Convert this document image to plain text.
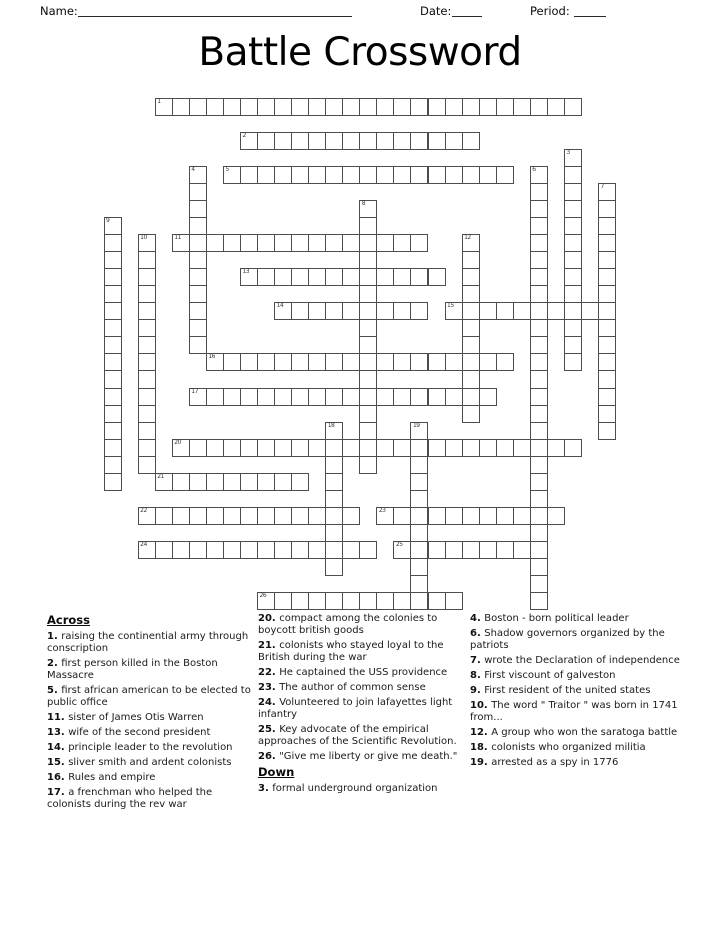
Name:	Date:	Period:
Battle Crossword
1
2
3
4	5	6
7
8
9
10	11	12
13
14	15
16
17
18	19
20
21
22	23
24	25
26
Across
1. raising the continential army through conscription
2. first person killed in the Boston Massacre
5. first african american to be elected to public office
11. sister of James Otis Warren
13. wife of the second president
14. principle leader to the revolution
15. sliver smith and ardent colonists
16. Rules and empire
17. a frenchman who helped the colonists during the rev war
20. compact among the colonies to boycott british goods
21. colonists who stayed loyal to the British during the war
22. He captained the USS providence
23. The author of common sense
24. Volunteered to join lafayettes light infantry
25. Key advocate of the empirical approaches of the Scientific Revolution.
26. "Give me liberty or give me death."
Down
3. formal underground organization
4. Boston - born political leader
6. Shadow governors organized by the patriots
7. wrote the Declaration of independence
8. First viscount of galveston
9. First resident of the united states
10. The word " Traitor " was born in 1741 from...
12. A group who won the saratoga battle
18. colonists who organized militia
19. arrested as a spy in 1776
